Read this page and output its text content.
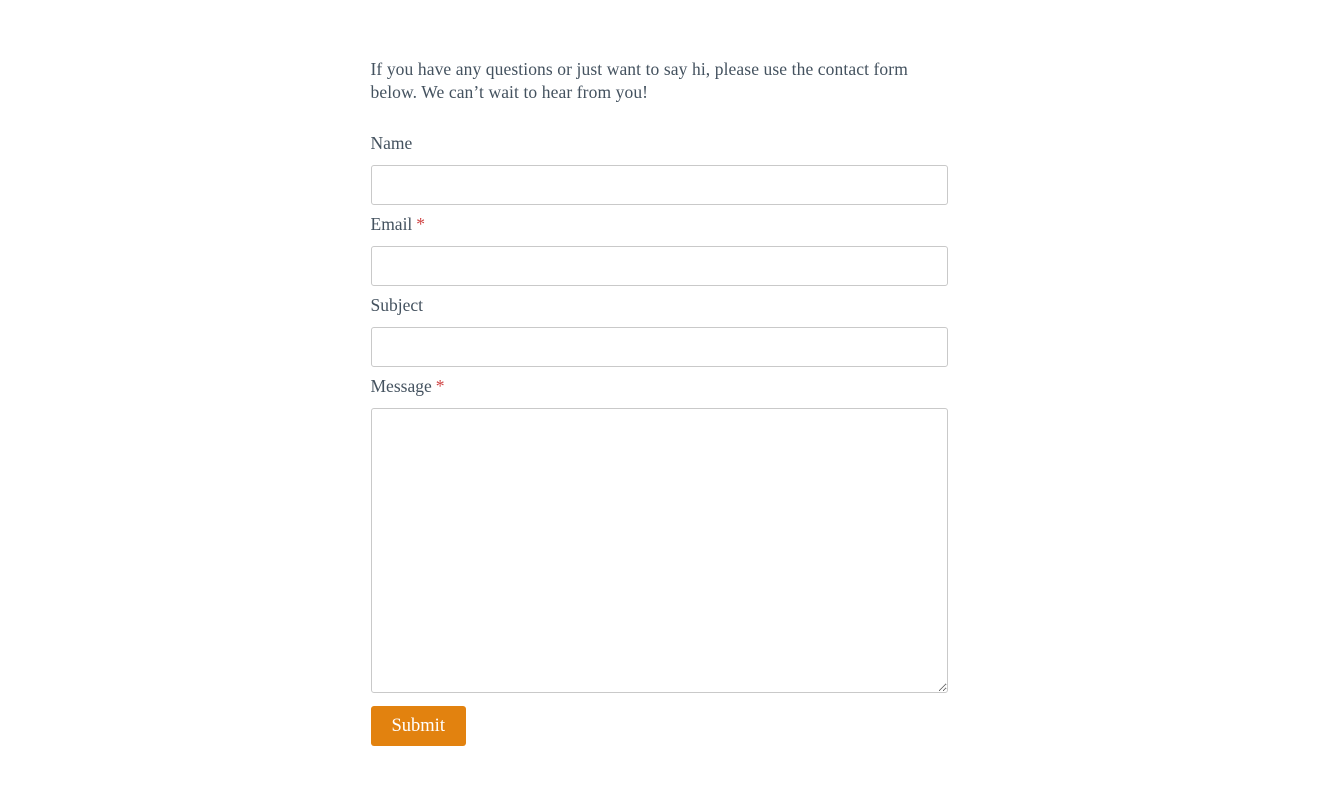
If you have any questions or just want to say hi, please use the contact form below. We can’t wait to hear from you!

Name
Email *
Subject
Message *
Submit
